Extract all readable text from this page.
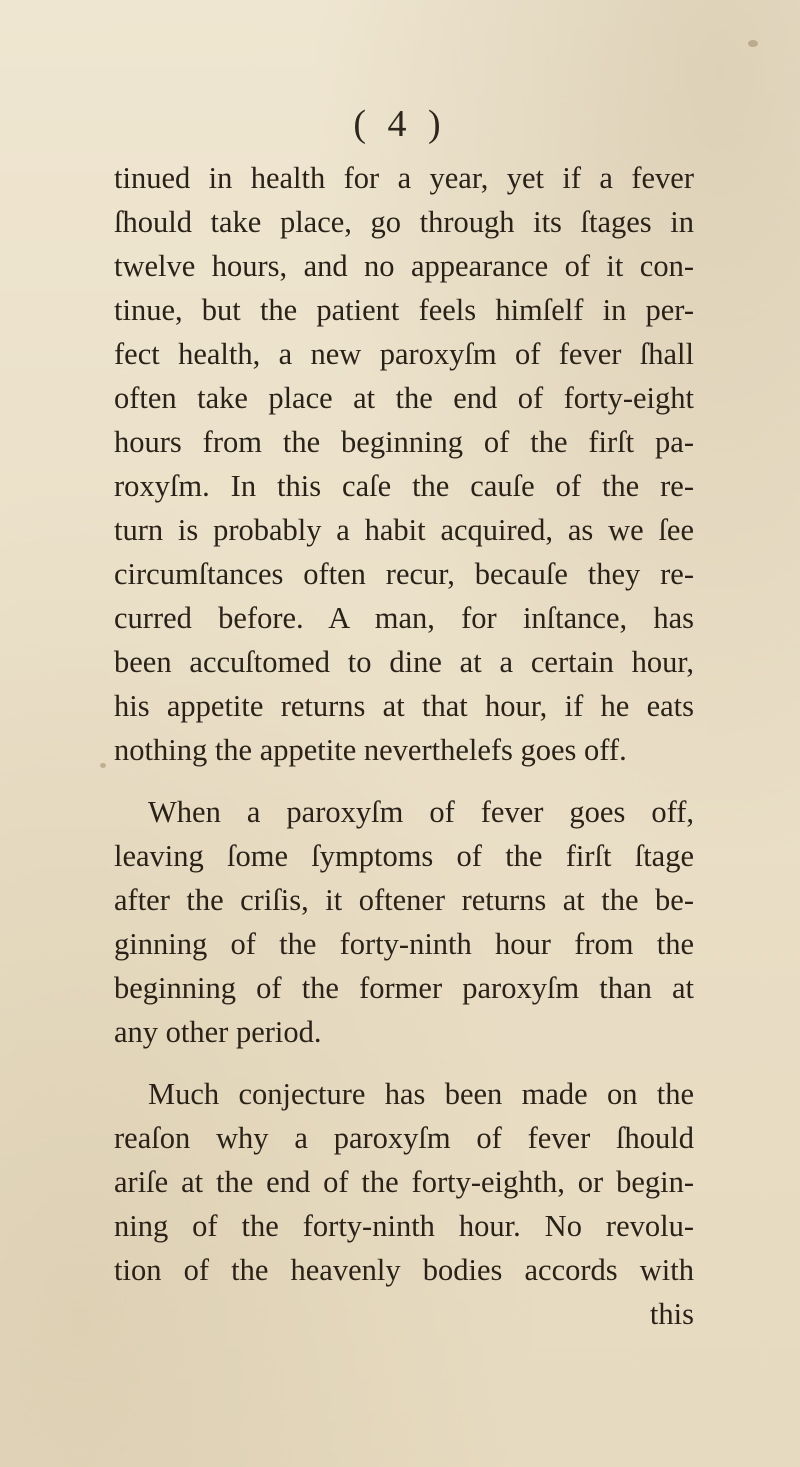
( 4 )
tinued in health for a year, yet if a fever
ſhould take place, go through its ſtages in
twelve hours, and no appearance of it con-
tinue, but the patient feels himſelf in per-
fect health, a new paroxyſm of fever ſhall
often take place at the end of forty-eight
hours from the beginning of the firſt pa-
roxyſm. In this caſe the cauſe of the re-
turn is probably a habit acquired, as we ſee
circumſtances often recur, becauſe they re-
curred before. A man, for inſtance, has
been accuſtomed to dine at a certain hour,
his appetite returns at that hour, if he eats
nothing the appetite neverthelefs goes off.
When a paroxyſm of fever goes off,
leaving ſome ſymptoms of the firſt ſtage
after the criſis, it oftener returns at the be-
ginning of the forty-ninth hour from the
beginning of the former paroxyſm than at
any other period.
Much conjecture has been made on the
reaſon why a paroxyſm of fever ſhould
ariſe at the end of the forty-eighth, or begin-
ning of the forty-ninth hour. No revolu-
tion of the heavenly bodies accords with
this
